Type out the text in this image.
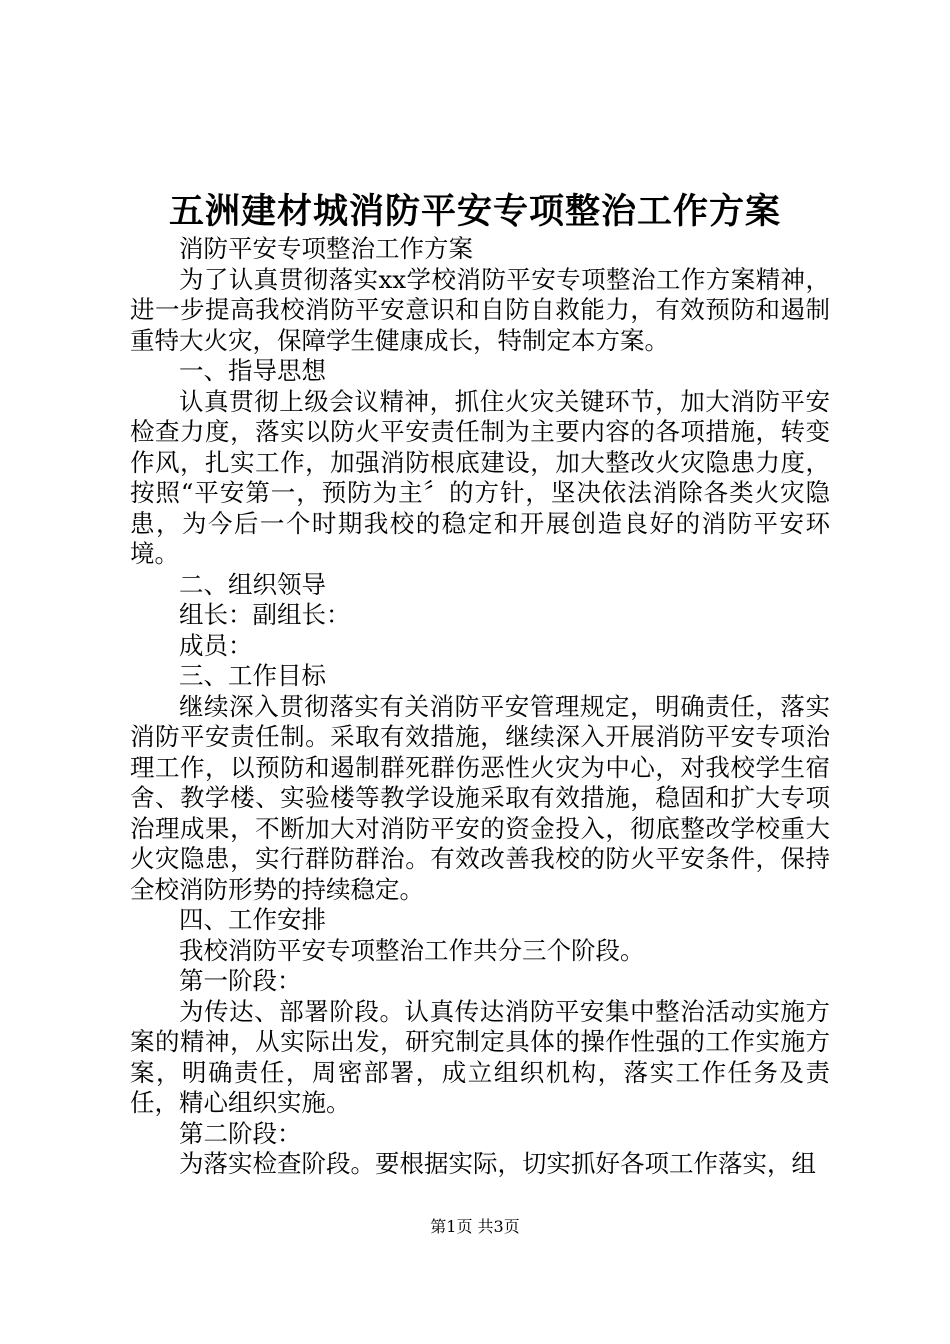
五洲建材城消防平安专项整治工作方案

消防平安专项整治工作方案

为了认真贯彻落实xx学校消防平安专项整治工作方案精神，进一步提高我校消防平安意识和自防自救能力，有效预防和遏制重特大火灾，保障学生健康成长，特制定本方案。

一、指导思想

认真贯彻上级会议精神，抓住火灾关键环节，加大消防平安检查力度，落实以防火平安责任制为主要内容的各项措施，转变作风，扎实工作，加强消防根底建设，加大整改火灾隐患力度，按照“平安第一，预防为主〞的方针，坚决依法消除各类火灾隐患，为今后一个时期我校的稳定和开展创造良好的消防平安环境。

二、组织领导

组长：副组长：

成员：

三、工作目标

继续深入贯彻落实有关消防平安管理规定，明确责任，落实消防平安责任制。采取有效措施，继续深入开展消防平安专项治理工作，以预防和遏制群死群伤恶性火灾为中心，对我校学生宿舍、教学楼、实验楼等教学设施采取有效措施，稳固和扩大专项治理成果，不断加大对消防平安的资金投入，彻底整改学校重大火灾隐患，实行群防群治。有效改善我校的防火平安条件，保持全校消防形势的持续稳定。

四、工作安排

我校消防平安专项整治工作共分三个阶段。

第一阶段：

为传达、部署阶段。认真传达消防平安集中整治活动实施方案的精神，从实际出发，研究制定具体的操作性强的工作实施方案，明确责任，周密部署，成立组织机构，落实工作任务及责任，精心组织实施。

第二阶段：

为落实检查阶段。要根据实际，切实抓好各项工作落实，组

第1页 共3页
